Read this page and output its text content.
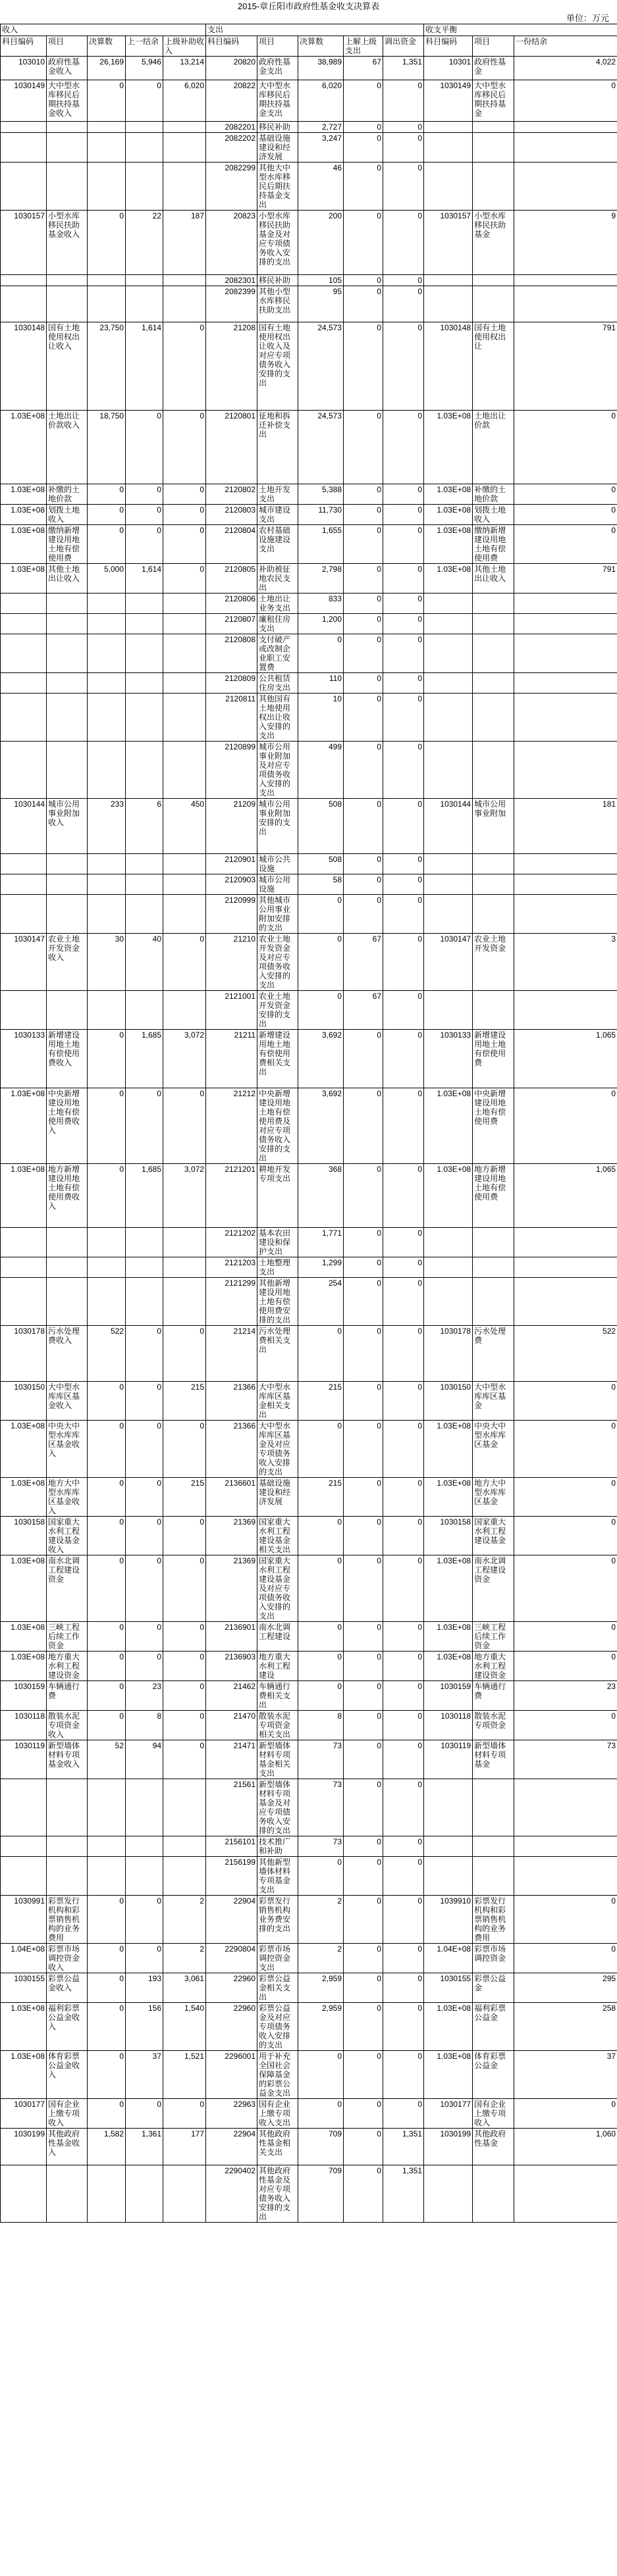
2015-章丘阳市政府性基金收支决算表
单位：万元
收入					支出					收支平衡		
科目编码	项目	决算数	上一结余	上级补助收入	科目编码	项目	决算数	上解上级支出	调出资金	科目编码	项目	一份结余
103010	政府性基金收入	26,169	5,946	13,214	20820	政府性基金支出	38,989	67	1,351	10301	政府性基金	4,022
1030149	大中型水库移民后期扶持基金收入	0	0	6,020	20822	大中型水库移民后期扶持基金支出	6,020	0	0	1030149	大中型水库移民后期扶持基金	0
					2082201	移民补助	2,727	0	0			
					2082202	基础设施建设和经济发展	3,247	0	0			
					2082299	其他大中型水库移民后期扶持基金支出	46	0	0			
1030157	小型水库移民扶助基金收入	0	22	187	20823	小型水库移民扶助基金及对应专项债务收入安排的支出	200	0	0	1030157	小型水库移民扶助基金	9
					2082301	移民补助	105	0	0			
					2082399	其他小型水库移民扶助支出	95	0	0			
1030148	国有土地使用权出让收入	23,750	1,614	0	21208	国有土地使用权出让收入及对应专项债务收入安排的支出	24,573	0	0	1030148	国有土地使用权出让	791
1.03E+08	土地出让价款收入	18,750	0	0	2120801	征地和拆迁补偿支出	24,573	0	0	1.03E+08	土地出让价款	0
1.03E+08	补缴的土地价款	0	0	0	2120802	土地开发支出	5,388	0	0	1.03E+08	补缴的土地价款	0
1.03E+08	划拨土地收入	0	0	0	2120803	城市建设支出	11,730	0	0	1.03E+08	划拨土地收入	0
1.03E+08	缴纳新增建设用地土地有偿使用费	0	0	0	2120804	农村基础设施建设支出	1,655	0	0	1.03E+08	缴纳新增建设用地土地有偿使用费	0
1.03E+08	其他土地出让收入	5,000	1,614	0	2120805	补助被征地农民支出	2,798	0	0	1.03E+08	其他土地出让收入	791
					2120806	土地出让业务支出	833	0	0			
					2120807	廉租住房支出	1,200	0	0			
					2120808	支付破产或改制企业职工安置费	0	0	0			
					2120809	公共租赁住房支出	110	0	0			
					2120811	其他国有土地使用权出让收入安排的支出	10	0	0			
					2120899	城市公用事业附加及对应专项债务收入安排的支出	499	0	0			
1030144	城市公用事业附加收入	233	6	450	21209	城市公用事业附加安排的支出	508	0	0	1030144	城市公用事业附加	181
					2120901	城市公共设施	508	0	0			
					2120903	城市公用设施	58	0	0			
					2120999	其他城市公用事业附加安排的支出	0	0	0			
1030147	农业土地开发资金收入	30	40	0	21210	农业土地开发资金及对应专项债务收入安排的支出	0	67	0	1030147	农业土地开发资金	3
					2121001	农业土地开发资金安排的支出	0	67	0			
1030133	新增建设用地土地有偿使用费收入	0	1,685	3,072	21211	新增建设用地土地有偿使用费相关支出	3,692	0	0	1030133	新增建设用地土地有偿使用费	1,065
1.03E+08	中央新增建设用地土地有偿使用费收入	0	0	0	21212	中央新增建设用地土地有偿使用费及对应专项债务收入安排的支出	3,692	0	0	1.03E+08	中央新增建设用地土地有偿使用费	0
1.03E+08	地方新增建设用地土地有偿使用费收入	0	1,685	3,072	2121201	耕地开发专项支出	368	0	0	1.03E+08	地方新增建设用地土地有偿使用费	1,065
					2121202	基本农田建设和保护支出	1,771	0	0			
					2121203	土地整理支出	1,299	0	0			
					2121299	其他新增建设用地土地有偿使用费安排的支出	254	0	0			
1030178	污水处理费收入	522	0	0	21214	污水处理费相关支出	0	0	0	1030178	污水处理费	522
1030150	大中型水库库区基金收入	0	0	215	21366	大中型水库库区基金相关支出	215	0	0	1030150	大中型水库库区基金	0
1.03E+08	中央大中型水库库区基金收入	0	0	0	21366	大中型水库库区基金及对应专项债务收入安排的支出	0	0	0	1.03E+08	中央大中型水库库区基金	0
1.03E+08	地方大中型水库库区基金收入	0	0	215	2136601	基础设施建设和经济发展	215	0	0	1.03E+08	地方大中型水库库区基金	0
1030158	国家重大水利工程建设基金收入	0	0	0	21369	国家重大水利工程建设基金相关支出	0	0	0	1030158	国家重大水利工程建设基金	0
1.03E+08	南水北调工程建设资金	0	0	0	21369	国家重大水利工程建设基金及对应专项债务收入安排的支出	0	0	0	1.03E+08	南水北调工程建设资金	0
1.03E+08	三峡工程后续工作资金	0	0	0	2136901	南水北调工程建设	0	0	0	1.03E+08	三峡工程后续工作资金	0
1.03E+08	地方重大水利工程建设资金	0	0	0	2136903	地方重大水利工程建设	0	0	0	1.03E+08	地方重大水利工程建设资金	0
1030159	车辆通行费	0	23	0	21462	车辆通行费相关支出	0	0	0	1030159	车辆通行费	23
1030118	散装水泥专项资金收入	0	8	0	21470	散装水泥专项资金相关支出	8	0	0	1030118	散装水泥专项资金	0
1030119	新型墙体材料专项基金收入	52	94	0	21471	新型墙体材料专项基金相关支出	73	0	0	1030119	新型墙体材料专项基金	73
					21561	新型墙体材料专项基金及对应专项债务收入安排的支出	73	0	0			
					2156101	技术推广和补助	73	0	0			
					2156199	其他新型墙体材料专项基金支出	0	0	0			
1030991	彩票发行机构和彩票销售机构的业务费用	0	0	2	22904	彩票发行销售机构业务费安排的支出	2	0	0	1039910	彩票发行机构和彩票销售机构的业务费用	0
1.04E+08	彩票市场调控资金收入	0	0	2	2290804	彩票市场调控资金支出	2	0	0	1.04E+08	彩票市场调控资金	0
1030155	彩票公益金收入	0	193	3,061	22960	彩票公益金相关支出	2,959	0	0	1030155	彩票公益金	295
1.03E+08	福利彩票公益金收入	0	156	1,540	22960	彩票公益金及对应专项债务收入安排的支出	2,959	0	0	1.03E+08	福利彩票公益金	258
1.03E+08	体育彩票公益金收入	0	37	1,521	2296001	用于补充全国社会保障基金的彩票公益金支出	0	0	0	1.03E+08	体育彩票公益金	37
1030177	国有企业上缴专项收入	0	0	0	22963	国有企业上缴专项收入支出	0	0	0	1030177	国有企业上缴专项收入	0
1030199	其他政府性基金收入	1,582	1,361	177	22904	其他政府性基金相关支出	709	0	1,351	1030199	其他政府性基金	1,060
					2290402	其他政府性基金及对应专项债务收入安排的支出	709	0	1,351			
